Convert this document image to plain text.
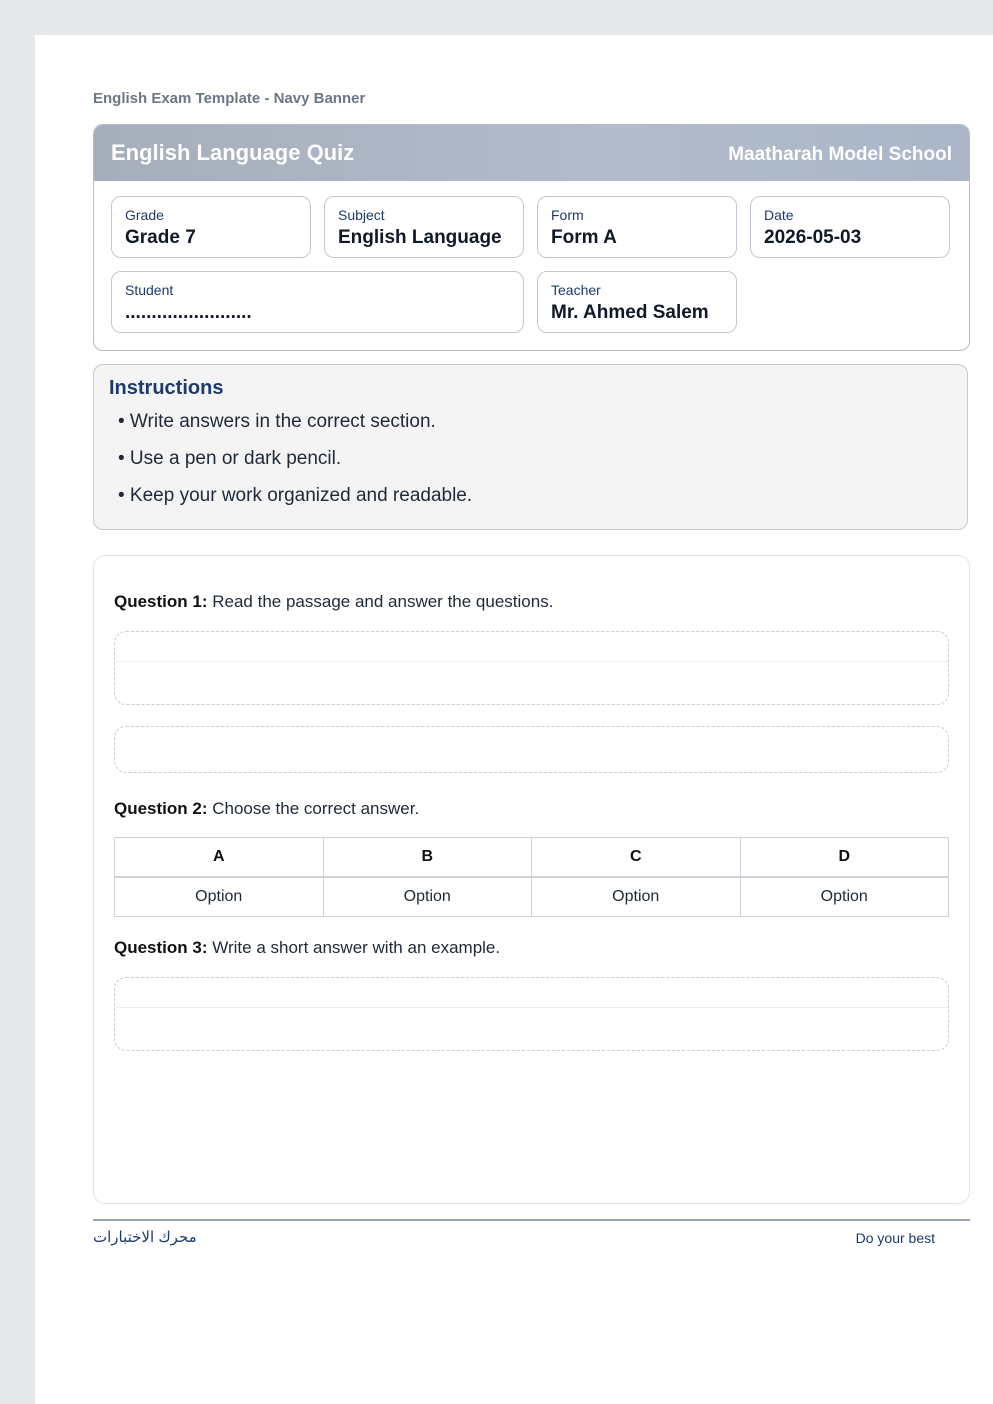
English Exam Template - Navy Banner
English Language Quiz	Maatharah Model School
Grade
Grade 7
Subject
English Language
Form
Form A
Date
2026-05-03
Student
........................
Teacher
Mr. Ahmed Salem
Instructions
• Write answers in the correct section.
• Use a pen or dark pencil.
• Keep your work organized and readable.
Question 1: Read the passage and answer the questions.
Question 2: Choose the correct answer.
A	B	C	D
Option	Option	Option	Option
Question 3: Write a short answer with an example.
محرك الاختبارات	Do your best
